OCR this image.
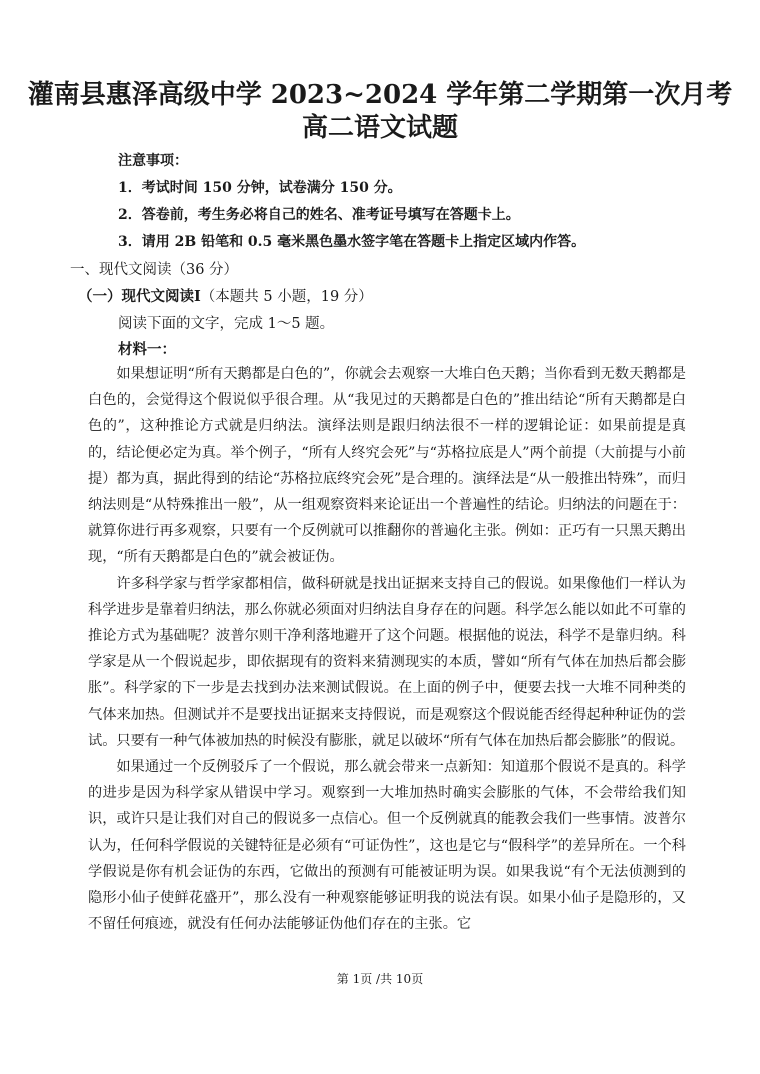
灌南县惠泽高级中学 2023~2024 学年第二学期第一次月考
高二语文试题
注意事项：
1．考试时间 150 分钟，试卷满分 150 分。
2．答卷前，考生务必将自己的姓名、准考证号填写在答题卡上。
3．请用 2B 铅笔和 0.5 毫米黑色墨水签字笔在答题卡上指定区域内作答。
一、现代文阅读（36 分）
（一）现代文阅读Ⅰ（本题共 5 小题，19 分）
阅读下面的文字，完成 1～5 题。
材料一：

如果想证明“所有天鹅都是白色的”，你就会去观察一大堆白色天鹅；当你看到无数天鹅都是白色的，会觉得这个假说似乎很合理。从“我见过的天鹅都是白色的”推出结论“所有天鹅都是白色的”，这种推论方式就是归纳法。演绎法则是跟归纳法很不一样的逻辑论证：如果前提是真的，结论便必定为真。举个例子，“所有人终究会死”与“苏格拉底是人”两个前提（大前提与小前提）都为真，据此得到的结论“苏格拉底终究会死”是合理的。演绎法是“从一般推出特殊”，而归纳法则是“从特殊推出一般”，从一组观察资料来论证出一个普遍性的结论。归纳法的问题在于：就算你进行再多观察，只要有一个反例就可以推翻你的普遍化主张。例如：正巧有一只黑天鹅出现，“所有天鹅都是白色的”就会被证伪。

许多科学家与哲学家都相信，做科研就是找出证据来支持自己的假说。如果像他们一样认为科学进步是靠着归纳法，那么你就必须面对归纳法自身存在的问题。科学怎么能以如此不可靠的推论方式为基础呢？波普尔则干净利落地避开了这个问题。根据他的说法，科学不是靠归纳。科学家是从一个假说起步，即依据现有的资料来猜测现实的本质，譬如“所有气体在加热后都会膨胀”。科学家的下一步是去找到办法来测试假说。在上面的例子中，便要去找一大堆不同种类的气体来加热。但测试并不是要找出证据来支持假说，而是观察这个假说能否经得起种种证伪的尝试。只要有一种气体被加热的时候没有膨胀，就足以破坏“所有气体在加热后都会膨胀”的假说。

如果通过一个反例驳斥了一个假说，那么就会带来一点新知：知道那个假说不是真的。科学的进步是因为科学家从错误中学习。观察到一大堆加热时确实会膨胀的气体，不会带给我们知识，或许只是让我们对自己的假说多一点信心。但一个反例就真的能教会我们一些事情。波普尔认为，任何科学假说的关键特征是必须有“可证伪性”，这也是它与“假科学”的差异所在。一个科学假说是你有机会证伪的东西，它做出的预测有可能被证明为误。如果我说“有个无法侦测到的隐形小仙子使鲜花盛开”，那么没有一种观察能够证明我的说法有误。如果小仙子是隐形的，又不留任何痕迹，就没有任何办法能够证伪他们存在的主张。它

第 1页 /共 10页
